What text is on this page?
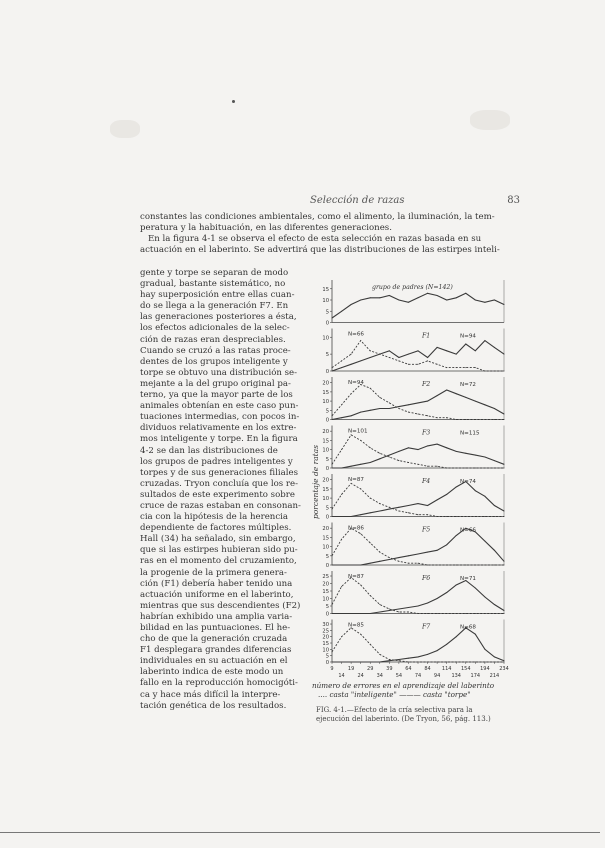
Selección de razas	83
constantes las condiciones ambientales, como el alimento, la iluminación, la tem-
peratura y la habituación, en las diferentes generaciones.
En la figura 4-1 se observa el efecto de esta selección en razas basada en su
actuación en el laberinto. Se advertirá que las distribuciones de las estirpes inteli-
gente y torpe se separan de modo
gradual, bastante sistemático, no
hay superposición entre ellas cuan-
do se llega a la generación F7. En
las generaciones posteriores a ésta,
los efectos adicionales de la selec-
ción de razas eran despreciables.
Cuando se cruzó a las ratas proce-
dentes de los grupos inteligente y
torpe se obtuvo una distribución se-
mejante a la del grupo original pa-
terno, ya que la mayor parte de los
animales obtenían en este caso pun-
tuaciones intermedias, con pocos in-
dividuos relativamente en los extre-
mos inteligente y torpe. En la figura
4-2 se dan las distribuciones de
los grupos de padres inteligentes y
torpes y de sus generaciones filiales
cruzadas. Tryon concluía que los re-
sultados de este experimento sobre
cruce de razas estaban en consonan-
cia con la hipótesis de la herencia
dependiente de factores múltiples.
Hall (34) ha señalado, sin embargo,
que si las estirpes hubieran sido pu-
ras en el momento del cruzamiento,
la progenie de la primera genera-
ción (F1) debería haber tenido una
actuación uniforme en el laberinto,
mientras que sus descendientes (F2)
habrían exhibido una amplia varia-
bilidad en las puntuaciones. El he-
cho de que la generación cruzada
F1 desplegara grandes diferencias
individuales en su actuación en el
laberinto indica de este modo un
fallo en la reproducción homocigóti-
ca y hace más difícil la interpre-
tación genética de los resultados.
porcentaje de ratas
0
5
10
15	grupo de padres (N=142)
0
5
10	F1
N=66	N=94
0
5
10
15
20	F2
N=94	N=72
0
5
10
15
20	F3
N=101	N=115
0
5
10
15
20	F4
N=87	N=74
0
5
10
15
20	F5
N=86	N=66
0
5
10
15
20
25	F6
N=87	N=71
0
5
10
15
20
25
30	F7
N=85	N=68
9
14
19
24
29
34
39
54
64
74
84
94
114
134
154
174
194
214
234
número de errores en el aprendizaje del laberinto
.... casta "inteligente" ——— casta "torpe"
FIG. 4-1.—Efecto de la cría selectiva para la ejecución del laberinto. (De Tryon, 56, pág. 113.)
